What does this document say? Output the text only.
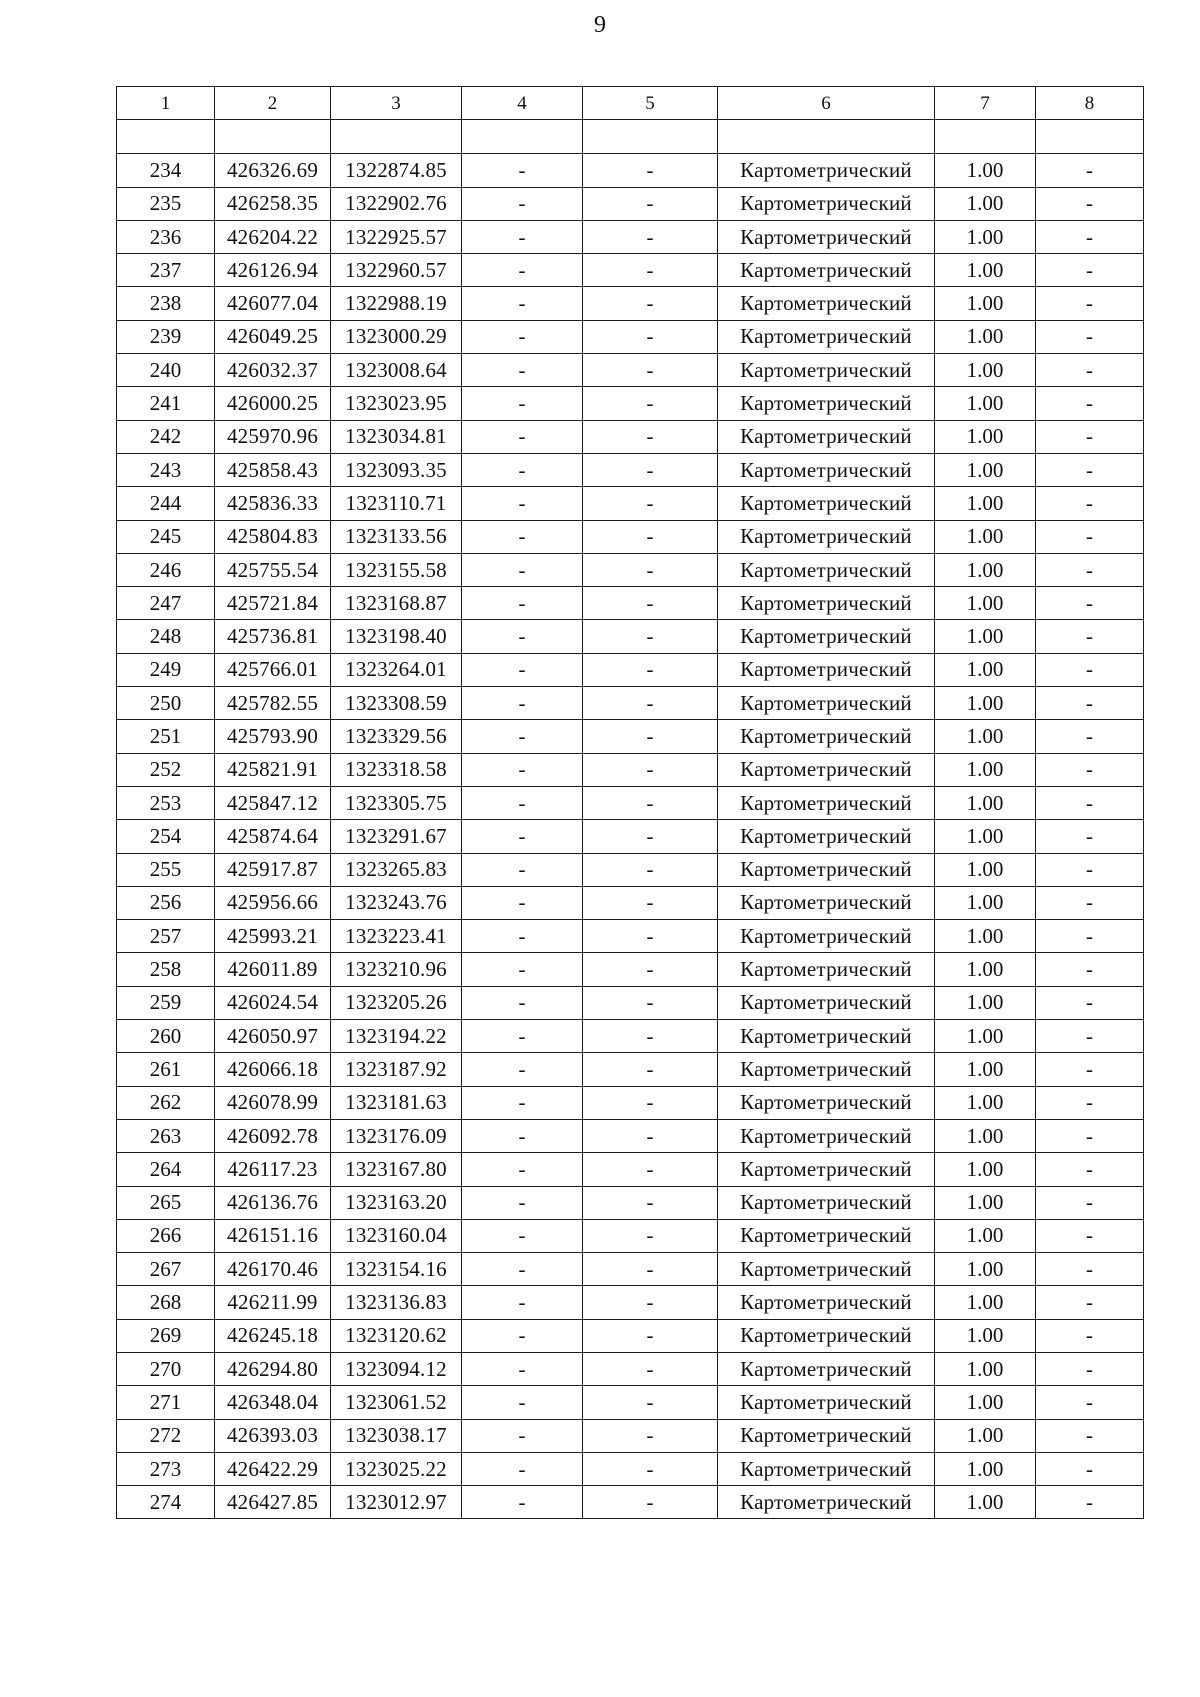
9
1	2	3	4	5	6	7	8

234	426326.69	1322874.85	-	-	Картометрический	1.00	-
235	426258.35	1322902.76	-	-	Картометрический	1.00	-
236	426204.22	1322925.57	-	-	Картометрический	1.00	-
237	426126.94	1322960.57	-	-	Картометрический	1.00	-
238	426077.04	1322988.19	-	-	Картометрический	1.00	-
239	426049.25	1323000.29	-	-	Картометрический	1.00	-
240	426032.37	1323008.64	-	-	Картометрический	1.00	-
241	426000.25	1323023.95	-	-	Картометрический	1.00	-
242	425970.96	1323034.81	-	-	Картометрический	1.00	-
243	425858.43	1323093.35	-	-	Картометрический	1.00	-
244	425836.33	1323110.71	-	-	Картометрический	1.00	-
245	425804.83	1323133.56	-	-	Картометрический	1.00	-
246	425755.54	1323155.58	-	-	Картометрический	1.00	-
247	425721.84	1323168.87	-	-	Картометрический	1.00	-
248	425736.81	1323198.40	-	-	Картометрический	1.00	-
249	425766.01	1323264.01	-	-	Картометрический	1.00	-
250	425782.55	1323308.59	-	-	Картометрический	1.00	-
251	425793.90	1323329.56	-	-	Картометрический	1.00	-
252	425821.91	1323318.58	-	-	Картометрический	1.00	-
253	425847.12	1323305.75	-	-	Картометрический	1.00	-
254	425874.64	1323291.67	-	-	Картометрический	1.00	-
255	425917.87	1323265.83	-	-	Картометрический	1.00	-
256	425956.66	1323243.76	-	-	Картометрический	1.00	-
257	425993.21	1323223.41	-	-	Картометрический	1.00	-
258	426011.89	1323210.96	-	-	Картометрический	1.00	-
259	426024.54	1323205.26	-	-	Картометрический	1.00	-
260	426050.97	1323194.22	-	-	Картометрический	1.00	-
261	426066.18	1323187.92	-	-	Картометрический	1.00	-
262	426078.99	1323181.63	-	-	Картометрический	1.00	-
263	426092.78	1323176.09	-	-	Картометрический	1.00	-
264	426117.23	1323167.80	-	-	Картометрический	1.00	-
265	426136.76	1323163.20	-	-	Картометрический	1.00	-
266	426151.16	1323160.04	-	-	Картометрический	1.00	-
267	426170.46	1323154.16	-	-	Картометрический	1.00	-
268	426211.99	1323136.83	-	-	Картометрический	1.00	-
269	426245.18	1323120.62	-	-	Картометрический	1.00	-
270	426294.80	1323094.12	-	-	Картометрический	1.00	-
271	426348.04	1323061.52	-	-	Картометрический	1.00	-
272	426393.03	1323038.17	-	-	Картометрический	1.00	-
273	426422.29	1323025.22	-	-	Картометрический	1.00	-
274	426427.85	1323012.97	-	-	Картометрический	1.00	-
